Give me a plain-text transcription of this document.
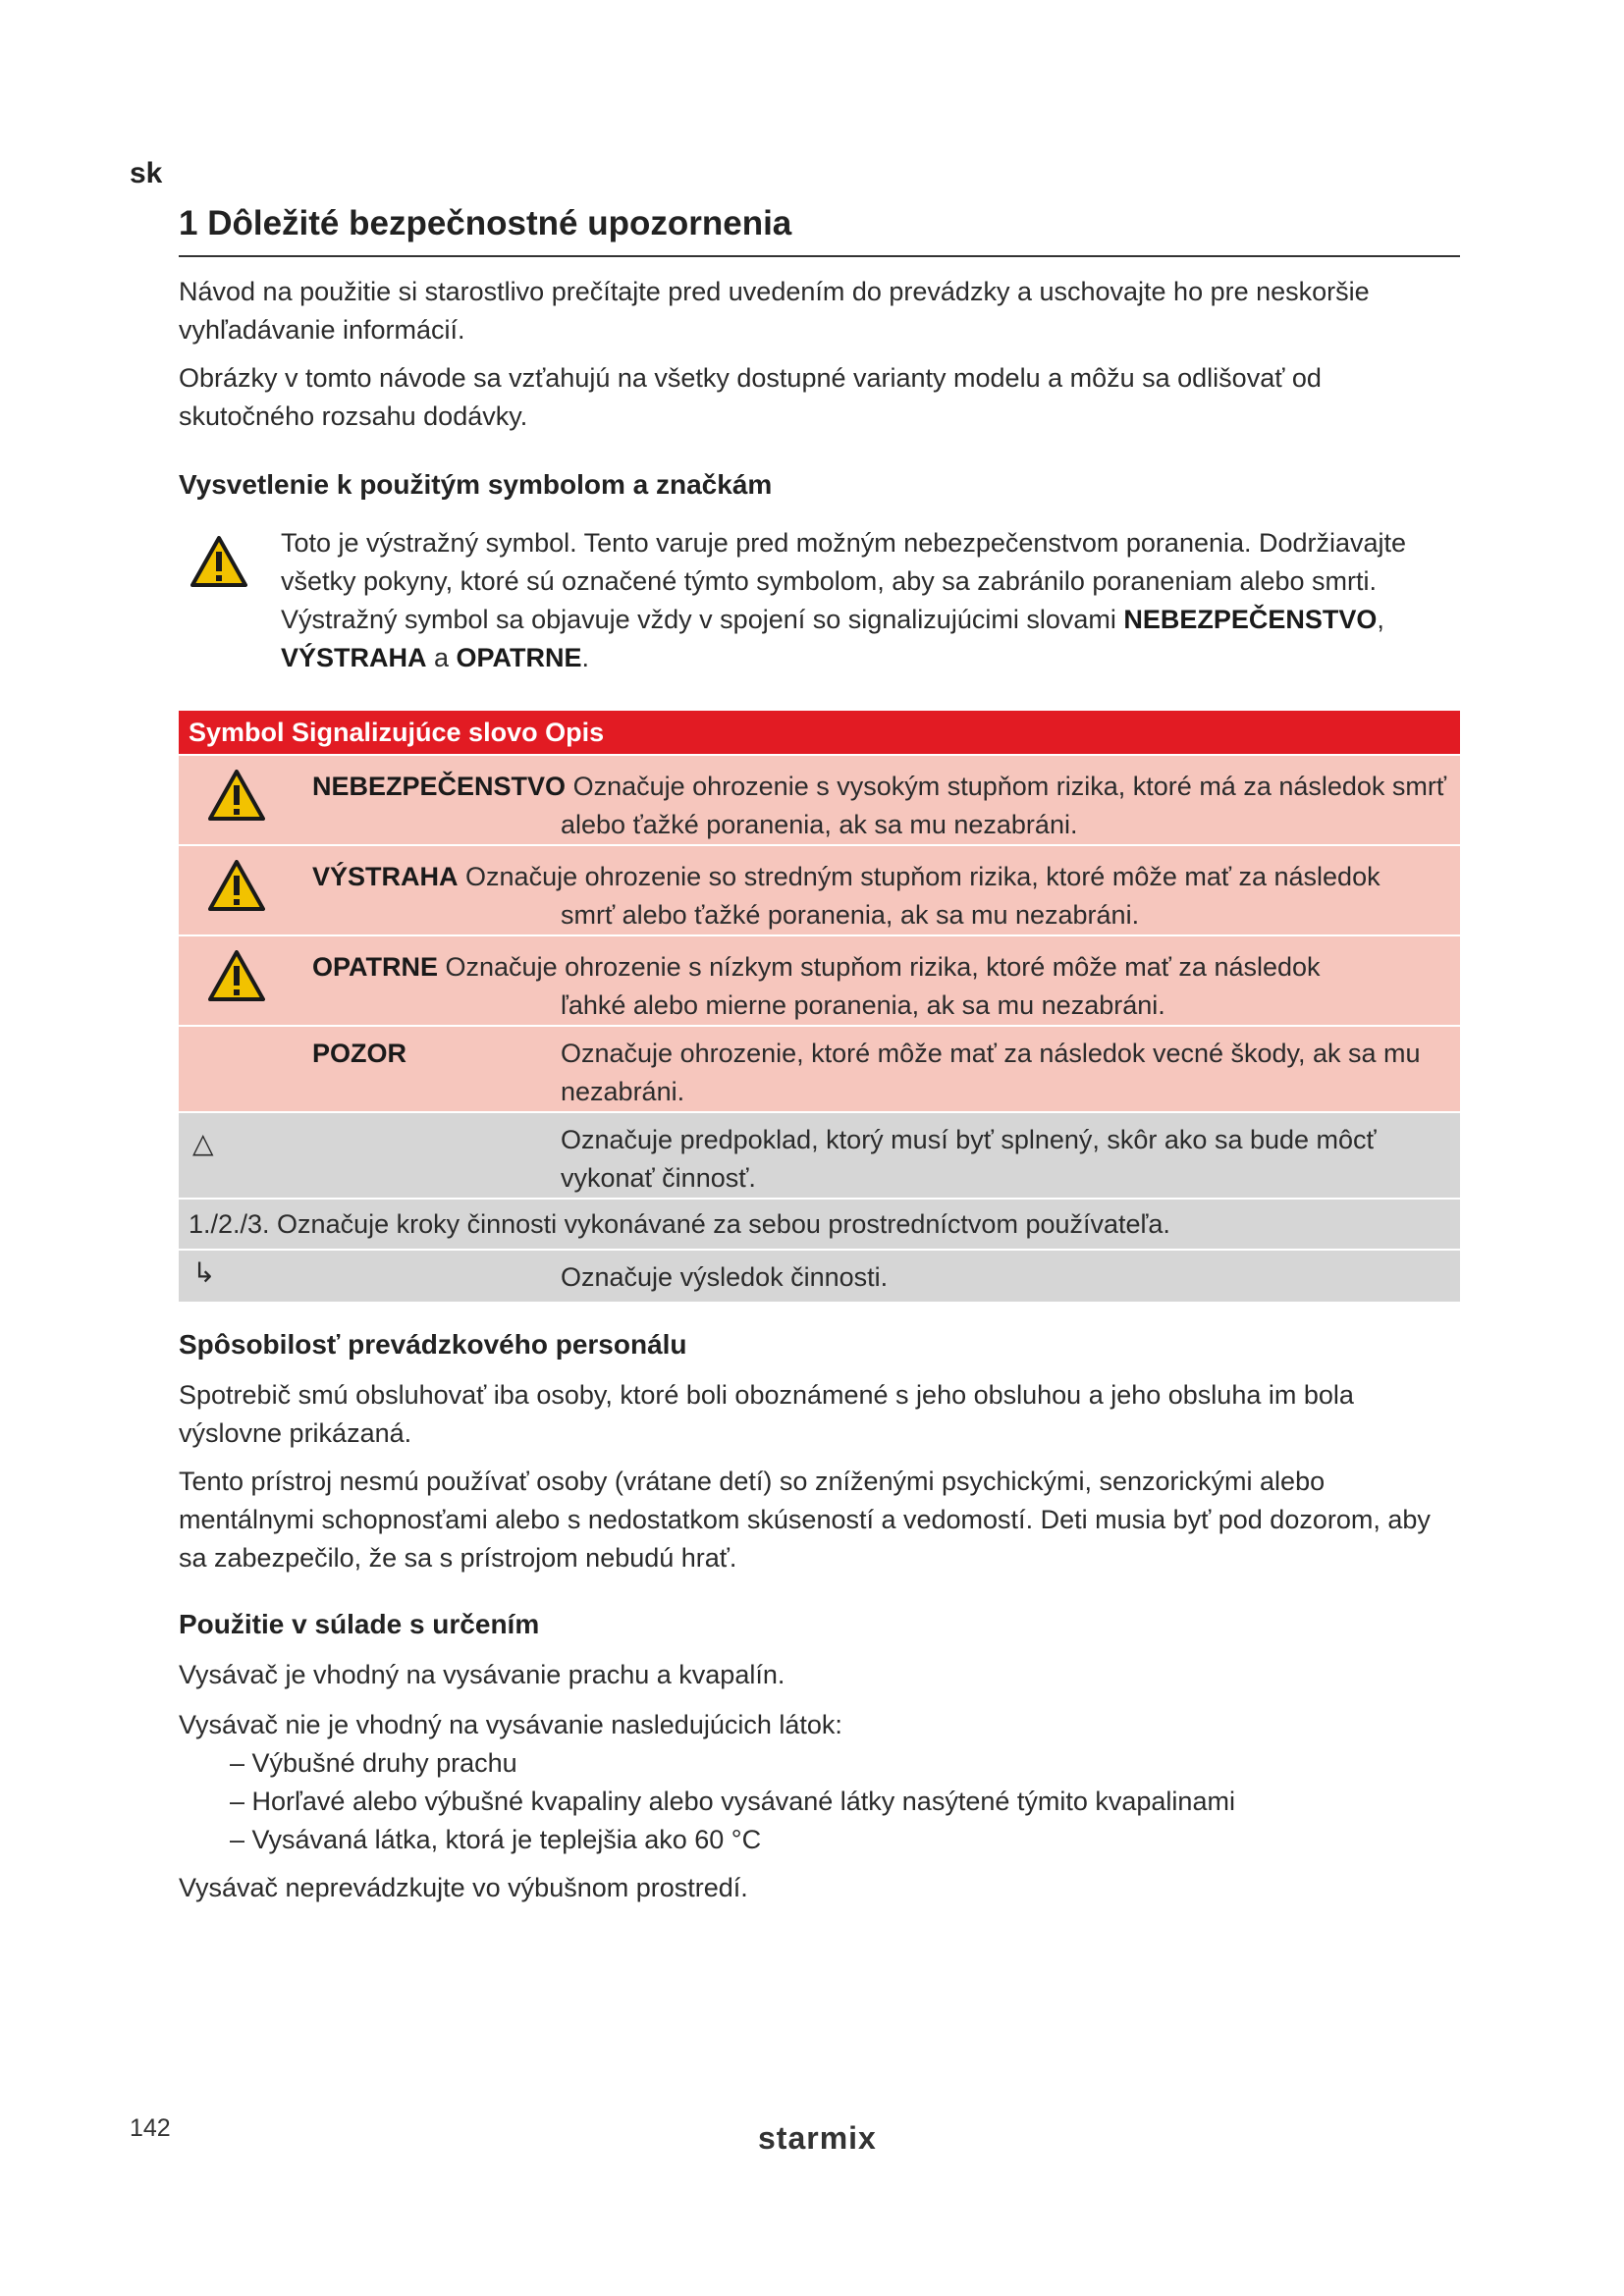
sk
1 Dôležité bezpečnostné upozornenia

Návod na použitie si starostlivo prečítajte pred uvedením do prevádzky a uschovajte ho pre neskoršie vyhľadávanie informácií.

Obrázky v tomto návode sa vzťahujú na všetky dostupné varianty modelu a môžu sa odlišovať od skutočného rozsahu dodávky.

Vysvetlenie k použitým symbolom a značkám

Toto je výstražný symbol. Tento varuje pred možným nebezpečenstvom poranenia. Dodržiavajte všetky pokyny, ktoré sú označené týmto symbolom, aby sa zabránilo poraneniam alebo smrti. Výstražný symbol sa objavuje vždy v spojení so signalizujúcimi slovami NEBEZPEČENSTVO, VÝSTRAHA a OPATRNE.
Symbol Signalizujúce slovo Opis	

NEBEZPEČENSTVO Označuje ohrozenie s vysokým stupňom rizika, ktoré má za následok smrť
alebo ťažké poranenia, ak sa mu nezabráni.

VÝSTRAHA Označuje ohrozenie so stredným stupňom rizika, ktoré môže mať za následok
smrť alebo ťažké poranenia, ak sa mu nezabráni.

OPATRNE Označuje ohrozenie s nízkym stupňom rizika, ktoré môže mať za následok
ľahké alebo mierne poranenia, ak sa mu nezabráni.

	POZOR Označuje ohrozenie, ktoré môže mať za následok vecné škody, ak sa mu nezabráni.

△	Označuje predpoklad, ktorý musí byť splnený, skôr ako sa bude môcť vykonať činnosť.

1./2./3. Označuje kroky činnosti vykonávané za sebou prostredníctvom používateľa.	

↳	Označuje výsledok činnosti.

Spôsobilosť prevádzkového personálu

Spotrebič smú obsluhovať iba osoby, ktoré boli oboznámené s jeho obsluhou a jeho obsluha im bola výslovne prikázaná.

Tento prístroj nesmú používať osoby (vrátane detí) so zníženými psychickými, senzorickými alebo mentálnymi schopnosťami alebo s nedostatkom skúseností a vedomostí. Deti musia byť pod dozorom, aby sa zabezpečilo, že sa s prístrojom nebudú hrať.

Použitie v súlade s určením

Vysávač je vhodný na vysávanie prachu a kvapalín.

Vysávač nie je vhodný na vysávanie nasledujúcich látok:

– Výbušné druhy prachu
– Horľavé alebo výbušné kvapaliny alebo vysávané látky nasýtené týmito kvapalinami
– Vysávaná látka, ktorá je teplejšia ako 60 °C

Vysávač neprevádzkujte vo výbušnom prostredí.

142	starmix
